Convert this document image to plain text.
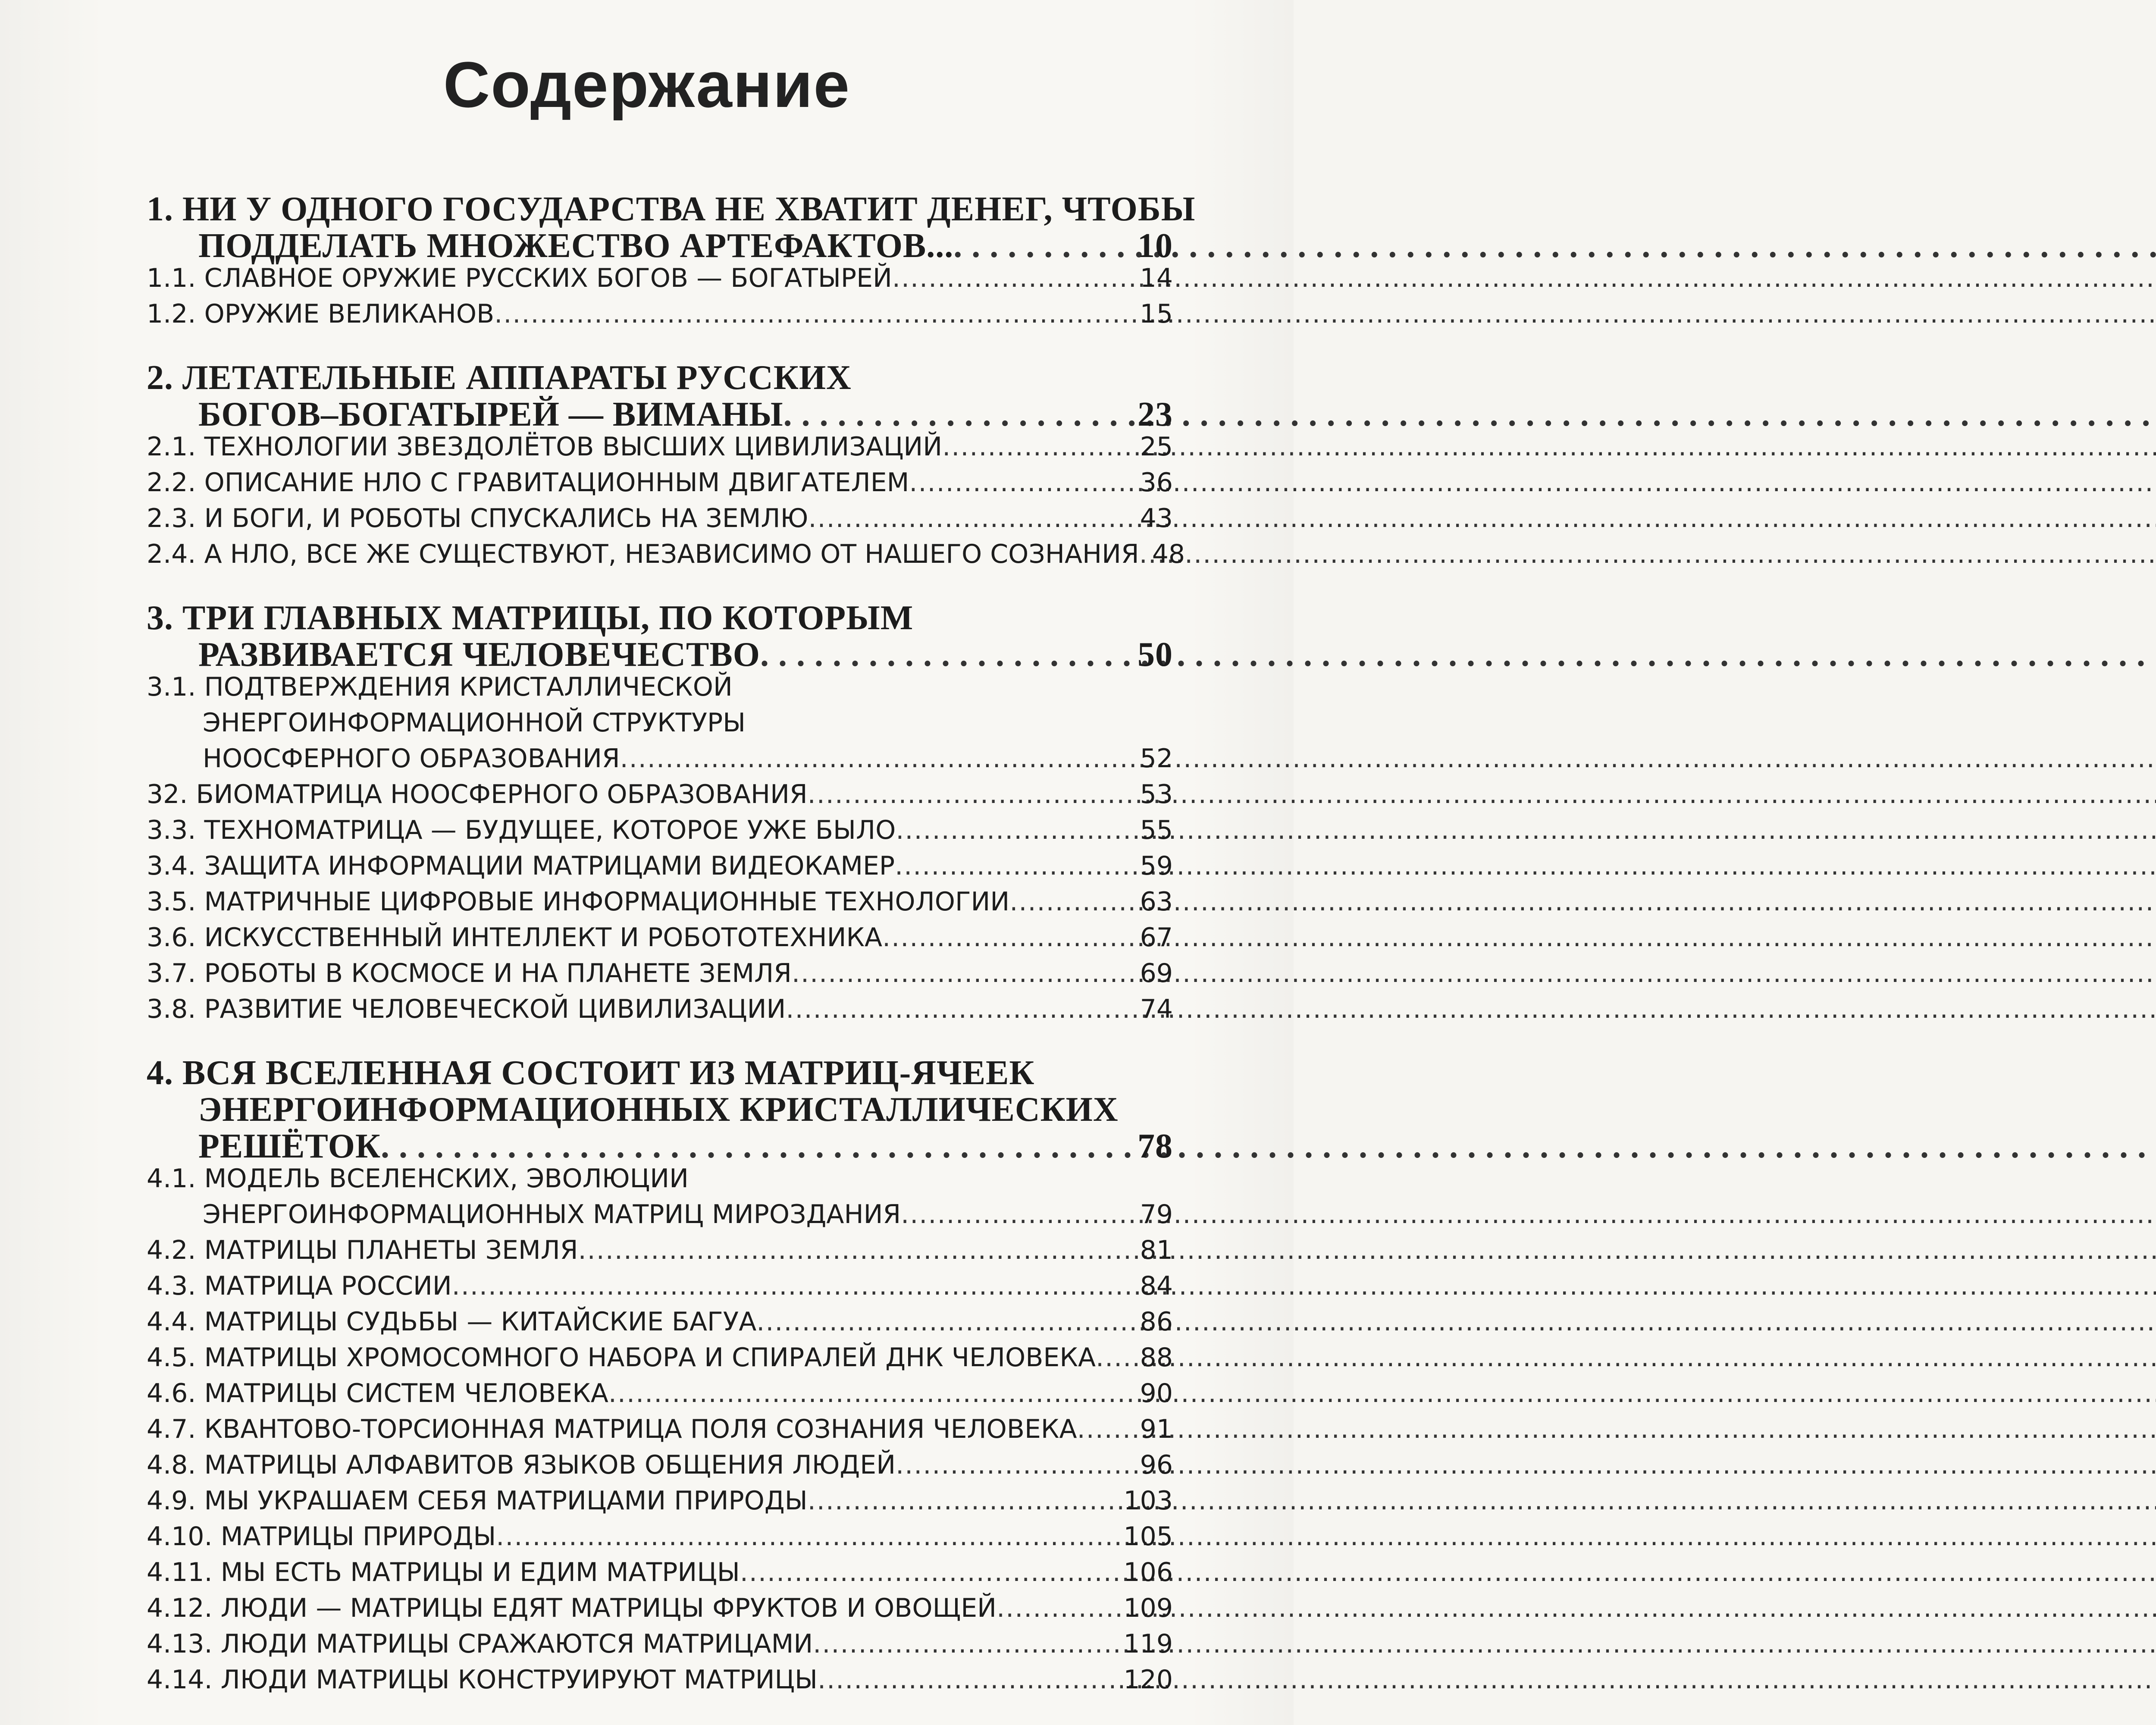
Содержание
1. НИ У ОДНОГО ГОСУДАРСТВА НЕ ХВАТИТ ДЕНЕГ, ЧТОБЫ
ПОДДЕЛАТЬ МНОЖЕСТВО АРТЕФАКТОВ... . . .	10
1.1. СЛАВНОЕ ОРУЖИЕ РУССКИХ БОГОВ — БОГАТЫРЕЙ .....	14
1.2. ОРУЖИЕ ВЕЛИКАНОВ .....	15
2. ЛЕТАТЕЛЬНЫЕ АППАРАТЫ РУССКИХ
БОГОВ–БОГАТЫРЕЙ — ВИМАНЫ . . .	23
2.1. ТЕХНОЛОГИИ ЗВЕЗДОЛЁТОВ ВЫСШИХ ЦИВИЛИЗАЦИЙ .....	25
2.2. ОПИСАНИЕ НЛО С ГРАВИТАЦИОННЫМ ДВИГАТЕЛЕМ .....	36
2.3. И БОГИ, И РОБОТЫ СПУСКАЛИСЬ НА ЗЕМЛЮ .....	43
2.4. А НЛО, ВСЕ ЖЕ СУЩЕСТВУЮТ, НЕЗАВИСИМО ОТ НАШЕГО СОЗНАНИЯ ..... 48
3. ТРИ ГЛАВНЫХ МАТРИЦЫ, ПО КОТОРЫМ
РАЗВИВАЕТСЯ ЧЕЛОВЕЧЕСТВО . . .	50
3.1. ПОДТВЕРЖДЕНИЯ КРИСТАЛЛИЧЕСКОЙ
ЭНЕРГОИНФОРМАЦИОННОЙ СТРУКТУРЫ
НООСФЕРНОГО ОБРАЗОВАНИЯ .....	52
32. БИОМАТРИЦА НООСФЕРНОГО ОБРАЗОВАНИЯ .....	53
3.3. ТЕХНОМАТРИЦА — БУДУЩЕЕ, КОТОРОЕ УЖЕ БЫЛО .....	55
3.4. ЗАЩИТА ИНФОРМАЦИИ МАТРИЦАМИ ВИДЕОКАМЕР .....	59
3.5. МАТРИЧНЫЕ ЦИФРОВЫЕ ИНФОРМАЦИОННЫЕ ТЕХНОЛОГИИ .....	63
3.6. ИСКУССТВЕННЫЙ ИНТЕЛЛЕКТ И РОБОТОТЕХНИКА .....	67
3.7. РОБОТЫ В КОСМОСЕ И НА ПЛАНЕТЕ ЗЕМЛЯ .....	69
3.8. РАЗВИТИЕ ЧЕЛОВЕЧЕСКОЙ ЦИВИЛИЗАЦИИ .....	74
4. ВСЯ ВСЕЛЕННАЯ СОСТОИТ ИЗ МАТРИЦ-ЯЧЕЕК
ЭНЕРГОИНФОРМАЦИОННЫХ КРИСТАЛЛИЧЕСКИХ
РЕШЁТОК . . .	78
4.1. МОДЕЛЬ ВСЕЛЕНСКИХ, ЭВОЛЮЦИИ
ЭНЕРГОИНФОРМАЦИОННЫХ МАТРИЦ МИРОЗДАНИЯ .....	79
4.2. МАТРИЦЫ ПЛАНЕТЫ ЗЕМЛЯ .....	81
4.3. МАТРИЦА РОССИИ .....	84
4.4. МАТРИЦЫ СУДЬБЫ — КИТАЙСКИЕ БАГУА .....	86
4.5. МАТРИЦЫ ХРОМОСОМНОГО НАБОРА И СПИРАЛЕЙ ДНК ЧЕЛОВЕКА ..... 88
4.6. МАТРИЦЫ СИСТЕМ ЧЕЛОВЕКА .....	90
4.7. КВАНТОВО-ТОРСИОННАЯ МАТРИЦА ПОЛЯ СОЗНАНИЯ ЧЕЛОВЕКА ..... 91
4.8. МАТРИЦЫ АЛФАВИТОВ ЯЗЫКОВ ОБЩЕНИЯ ЛЮДЕЙ .....	96
4.9. МЫ УКРАШАЕМ СЕБЯ МАТРИЦАМИ ПРИРОДЫ .....	103
4.10. МАТРИЦЫ ПРИРОДЫ .....	105
4.11. МЫ ЕСТЬ МАТРИЦЫ И ЕДИМ МАТРИЦЫ .....	106
4.12. ЛЮДИ — МАТРИЦЫ ЕДЯТ МАТРИЦЫ ФРУКТОВ И ОВОЩЕЙ .....	109
4.13. ЛЮДИ МАТРИЦЫ СРАЖАЮТСЯ МАТРИЦАМИ .....	119
4.14. ЛЮДИ МАТРИЦЫ КОНСТРУИРУЮТ МАТРИЦЫ .....	120
